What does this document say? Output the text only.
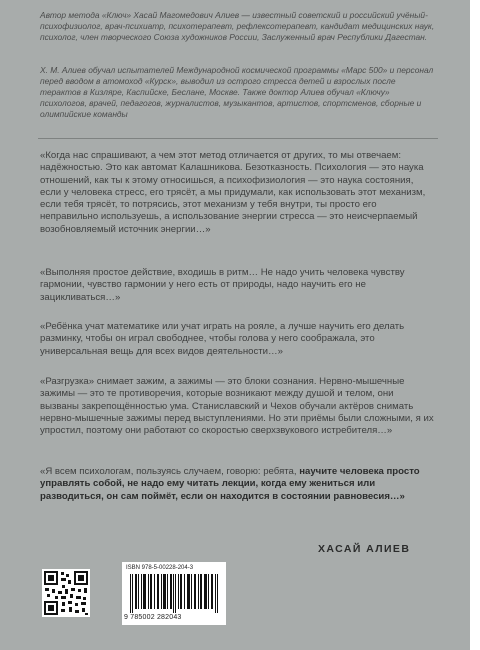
Автор метода «Ключ» Хасай Магомедович Алиев — известный советский и российский учёный-психофизиолог, врач-психиатр, психотерапевт, рефлексотерапевт, кандидат медицинских наук, психолог, член творческого Союза художников России, Заслуженный врач Республики Дагестан.

Х. М. Алиев обучал испытателей Международной космической программы «Марс 500» и персонал перед вводом в атомоход «Курск», выводил из острого стресса детей и взрослых после терактов в Кизляре, Каспийске, Беслане, Москве. Также доктор Алиев обучал «Ключу» психологов, врачей, педагогов, журналистов, музыкантов, артистов, спортсменов, сборные и олимпийские команды

«Когда нас спрашивают, а чем этот метод отличается от других, то мы отвечаем: надёжностью. Это как автомат Калашникова. Безотказность. Психология — это наука отношений, как ты к этому относишься, а психофизиология — это наука состояния, если у человека стресс, его трясёт, а мы придумали, как использовать этот механизм, если тебя трясёт, то потрясись, этот механизм у тебя внутри, ты просто его неправильно используешь, а использование энергии стресса — это неисчерпаемый возобновляемый источник энергии…»

«Выполняя простое действие, входишь в ритм… Не надо учить человека чувству гармонии, чувство гармонии у него есть от природы, надо научить его не зацикливаться…»

«Ребёнка учат математике или учат играть на рояле, а лучше научить его делать разминку, чтобы он играл свободнее, чтобы голова у него соображала, это универсальная вещь для всех видов деятельности…»

«Разгрузка» снимает зажим, а зажимы — это блоки сознания. Нервно-мышечные зажимы — это те противоречия, которые возникают между душой и телом, они вызваны закрепощённостью ума. Станиславский и Чехов обучали актёров снимать нервно-мышечные зажимы перед выступлениями. Но эти приёмы были сложными, я их упростил, поэтому они работают со скоростью сверхзвукового истребителя…»

«Я всем психологам, пользуясь случаем, говорю: ребята, научите человека просто управлять собой, не надо ему читать лекции, когда ему жениться или разводиться, он сам поймёт, если он находится в состоянии равновесия…»

ХАСАЙ АЛИЕВ
ISBN 978-5-00228-204-3
9 785002 282043
